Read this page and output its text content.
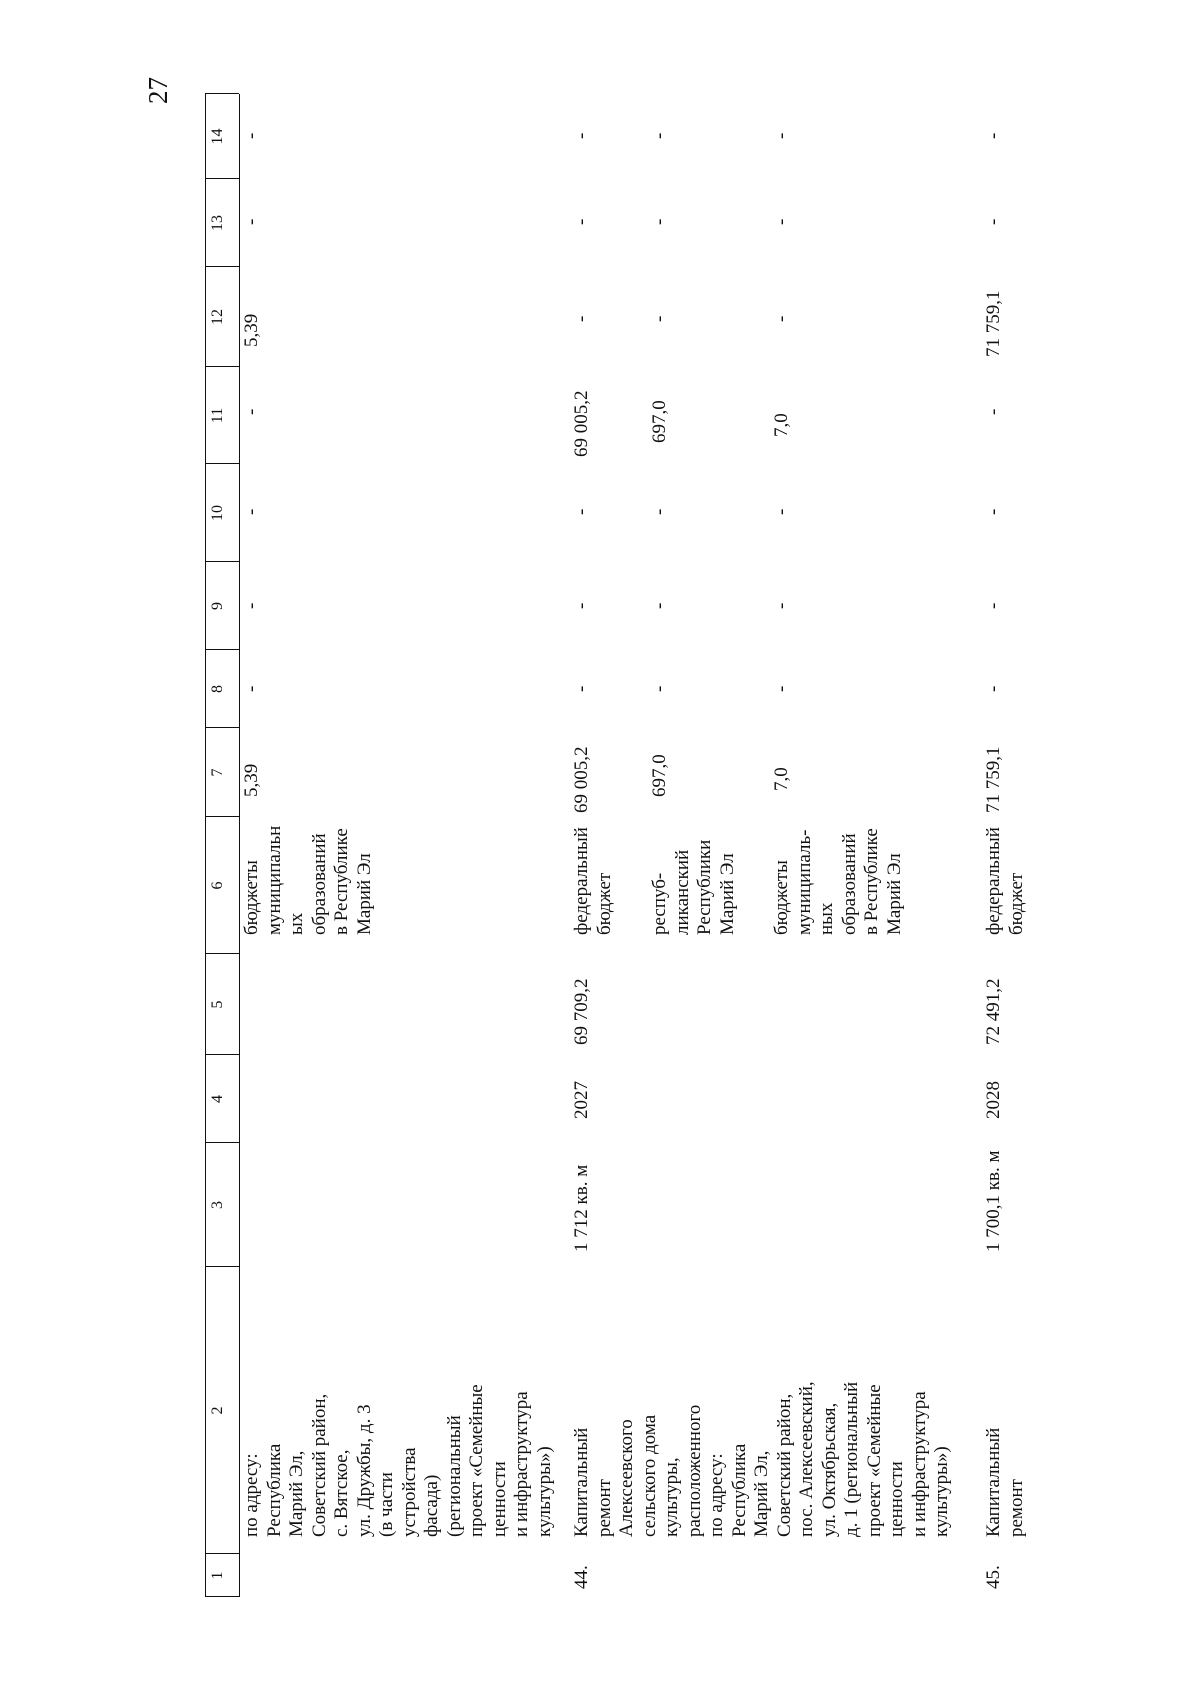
27
1
2
3
4
5
6
7
8
9
10
11
12
13
14
по адресу:
Республика
Марий Эл,
Советский район,
с. Вятское,
ул. Дружбы, д. 3
(в части
устройства
фасада)
(региональный
проект «Семейные
ценности
и инфраструктура
культуры»)
бюджеты
муниципальн
ых
образований
в Республике
Марий Эл
5,39
-
-
-
-
5,39
-
-
44.
Капитальный
ремонт
Алексеевского
сельского дома
культуры,
расположенного
по адресу:
Республика
Марий Эл,
Советский район,
пос. Алексеевский,
ул. Октябрьская,
д. 1 (региональный
проект «Семейные
ценности
и инфраструктура
культуры»)
1 712 кв. м
2027
69 709,2
федеральный
бюджет
69 005,2
-
-
-
69 005,2
-
-
-
респуб-
ликанский
Республики
Марий Эл
697,0
-
-
-
697,0
-
-
-
бюджеты
муниципаль-
ных
образований
в Республике
Марий Эл
7,0
-
-
-
7,0
-
-
-
45.
Капитальный
ремонт
1 700,1 кв. м
2028
72 491,2
федеральный
бюджет
71 759,1
-
-
-
-
71 759,1
-
-
